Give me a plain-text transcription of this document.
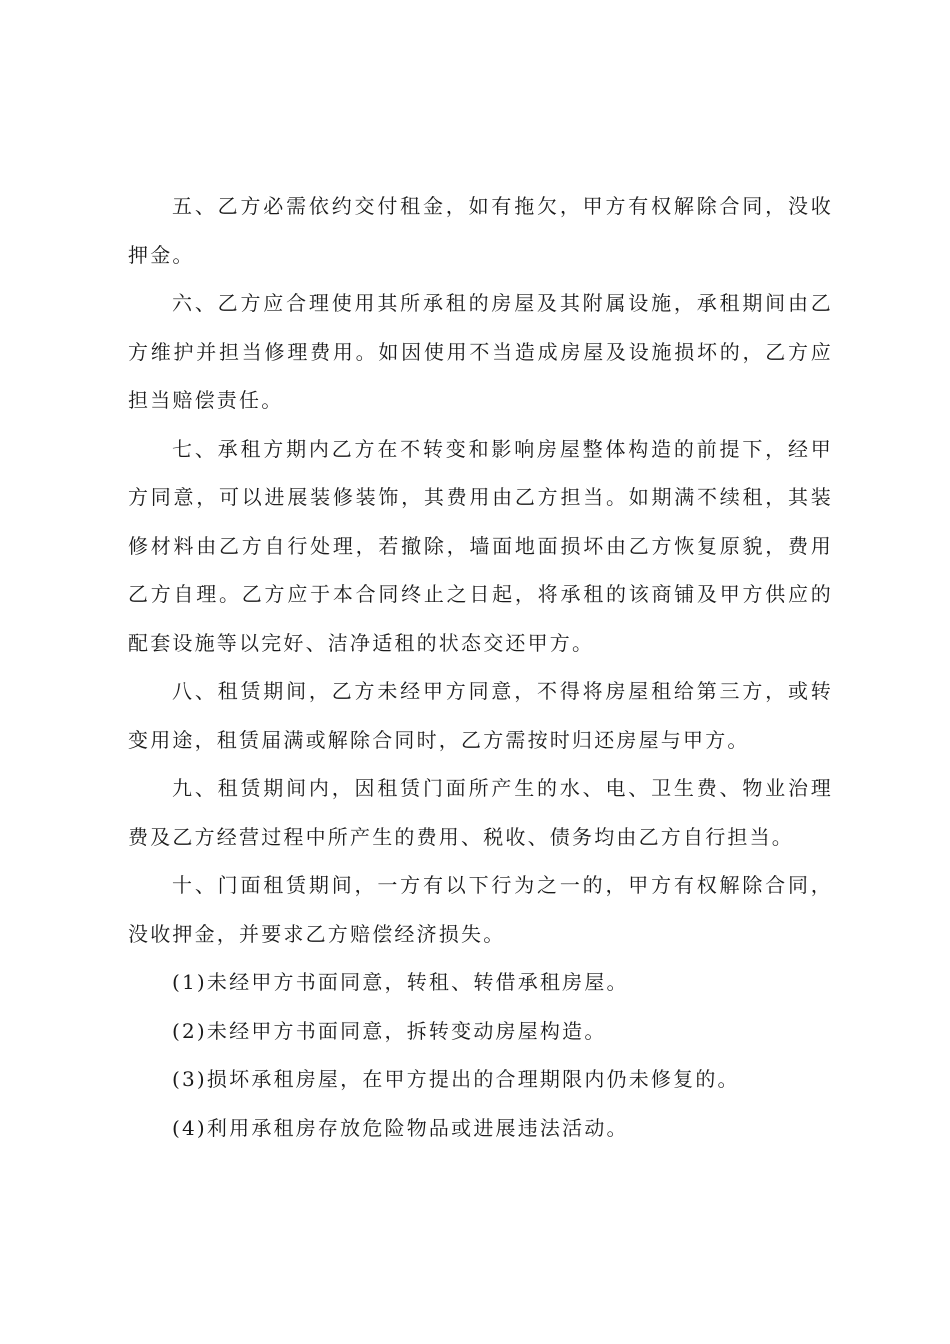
五、乙方必需依约交付租金，如有拖欠，甲方有权解除合同，没收押金。

六、乙方应合理使用其所承租的房屋及其附属设施，承租期间由乙方维护并担当修理费用。如因使用不当造成房屋及设施损坏的，乙方应担当赔偿责任。

七、承租方期内乙方在不转变和影响房屋整体构造的前提下，经甲方同意，可以进展装修装饰，其费用由乙方担当。如期满不续租，其装修材料由乙方自行处理，若撤除，墙面地面损坏由乙方恢复原貌，费用乙方自理。乙方应于本合同终止之日起，将承租的该商铺及甲方供应的配套设施等以完好、洁净适租的状态交还甲方。

八、租赁期间，乙方未经甲方同意，不得将房屋租给第三方，或转变用途，租赁届满或解除合同时，乙方需按时归还房屋与甲方。

九、租赁期间内，因租赁门面所产生的水、电、卫生费、物业治理费及乙方经营过程中所产生的费用、税收、债务均由乙方自行担当。

十、门面租赁期间，一方有以下行为之一的，甲方有权解除合同，没收押金，并要求乙方赔偿经济损失。

(1)未经甲方书面同意，转租、转借承租房屋。

(2)未经甲方书面同意，拆转变动房屋构造。

(3)损坏承租房屋，在甲方提出的合理期限内仍未修复的。

(4)利用承租房存放危险物品或进展违法活动。
